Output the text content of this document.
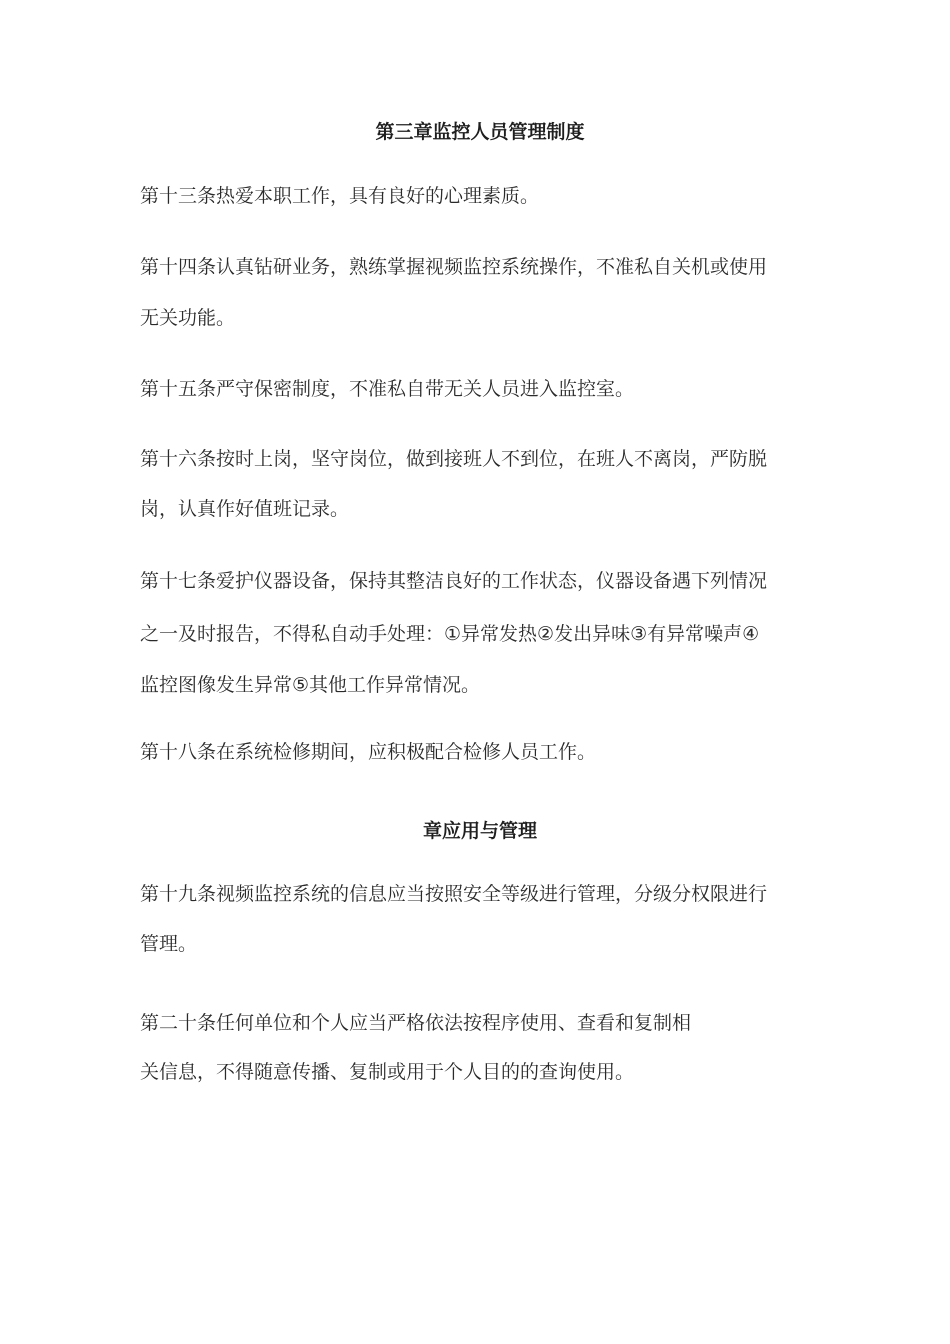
第三章监控人员管理制度
第十三条热爱本职工作，具有良好的心理素质。
第十四条认真钻研业务，熟练掌握视频监控系统操作，不准私自关机或使用
无关功能。
第十五条严守保密制度，不准私自带无关人员进入监控室。
第十六条按时上岗，坚守岗位，做到接班人不到位，在班人不离岗，严防脱
岗，认真作好值班记录。
第十七条爱护仪器设备，保持其整洁良好的工作状态，仪器设备遇下列情况
之一及时报告，不得私自动手处理：①异常发热②发出异味③有异常噪声④
监控图像发生异常⑤其他工作异常情况。
第十八条在系统检修期间，应积极配合检修人员工作。
章应用与管理
第十九条视频监控系统的信息应当按照安全等级进行管理，分级分权限进行
管理。
第二十条任何单位和个人应当严格依法按程序使用、查看和复制相
关信息，不得随意传播、复制或用于个人目的的查询使用。
